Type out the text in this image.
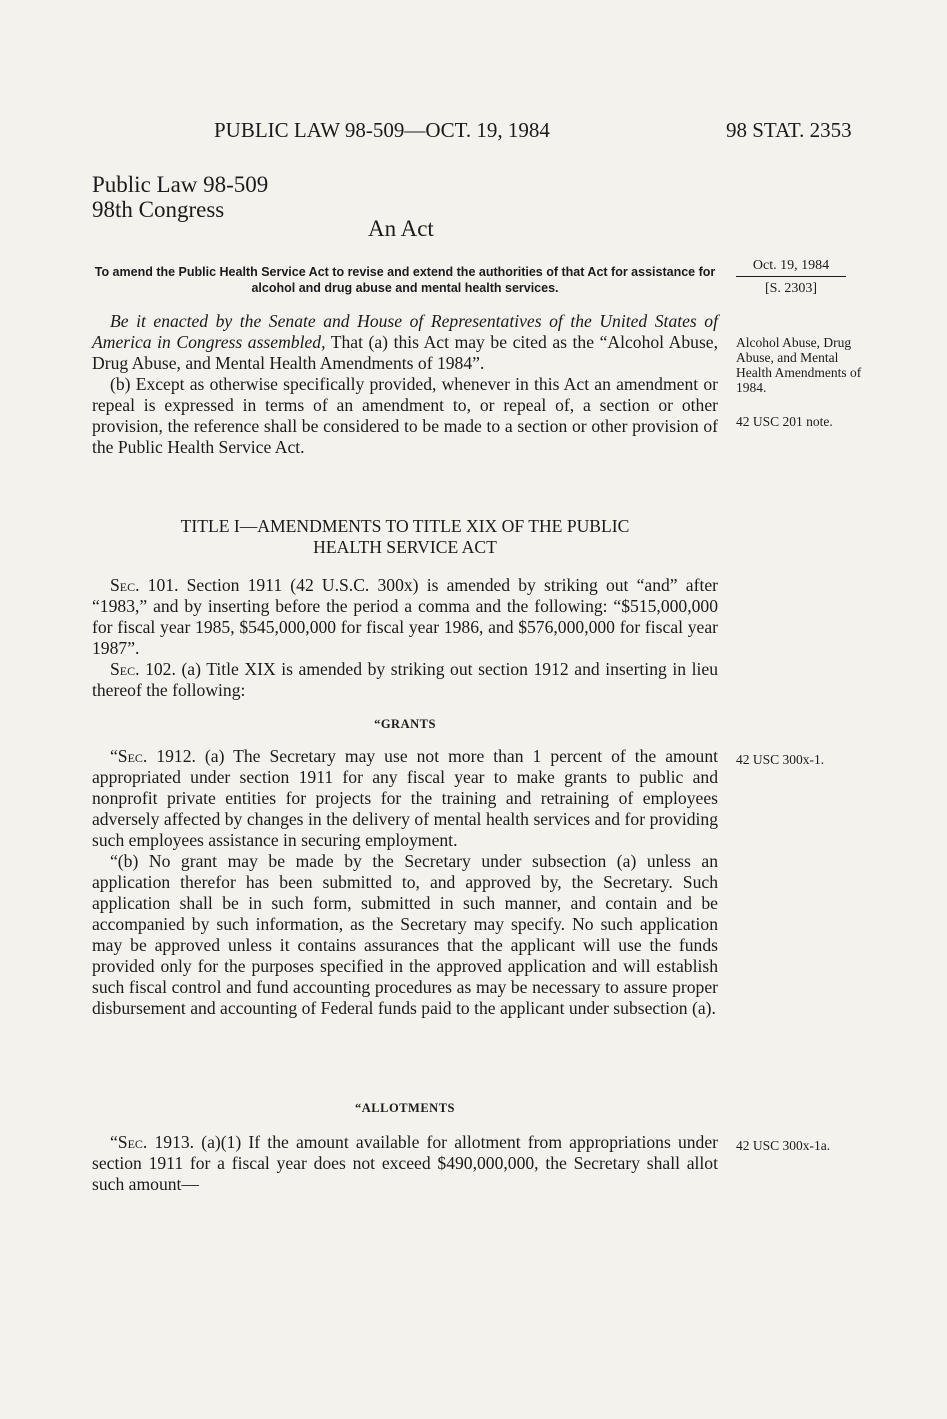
PUBLIC LAW 98-509—OCT. 19, 1984	98 STAT. 2353
Public Law 98-509
98th Congress
An Act
To amend the Public Health Service Act to revise and extend the authorities of that Act for assistance for alcohol and drug abuse and mental health services.
Oct. 19, 1984
[S. 2303]

Be it enacted by the Senate and House of Representatives of the United States of America in Congress assembled, That (a) this Act may be cited as the “Alcohol Abuse, Drug Abuse, and Mental Health Amendments of 1984”.

(b) Except as otherwise specifically provided, whenever in this Act an amendment or repeal is expressed in terms of an amendment to, or repeal of, a section or other provision, the reference shall be considered to be made to a section or other provision of the Public Health Service Act.

Alcohol Abuse, Drug Abuse, and Mental Health Amendments of 1984.
42 USC 201 note.
TITLE I—AMENDMENTS TO TITLE XIX OF THE PUBLIC
HEALTH SERVICE ACT

Sec. 101. Section 1911 (42 U.S.C. 300x) is amended by striking out “and” after “1983,” and by inserting before the period a comma and the following: “$515,000,000 for fiscal year 1985, $545,000,000 for fiscal year 1986, and $576,000,000 for fiscal year 1987”.

Sec. 102. (a) Title XIX is amended by striking out section 1912 and inserting in lieu thereof the following:

“GRANTS

“Sec. 1912. (a) The Secretary may use not more than 1 percent of the amount appropriated under section 1911 for any fiscal year to make grants to public and nonprofit private entities for projects for the training and retraining of employees adversely affected by changes in the delivery of mental health services and for providing such employees assistance in securing employment.

“(b) No grant may be made by the Secretary under subsection (a) unless an application therefor has been submitted to, and approved by, the Secretary. Such application shall be in such form, submitted in such manner, and contain and be accompanied by such information, as the Secretary may specify. No such application may be approved unless it contains assurances that the applicant will use the funds provided only for the purposes specified in the approved application and will establish such fiscal control and fund accounting procedures as may be necessary to assure proper disbursement and accounting of Federal funds paid to the applicant under subsection (a).

42 USC 300x-1.
“ALLOTMENTS

“Sec. 1913. (a)(1) If the amount available for allotment from appropriations under section 1911 for a fiscal year does not exceed $490,000,000, the Secretary shall allot such amount—

42 USC 300x-1a.
